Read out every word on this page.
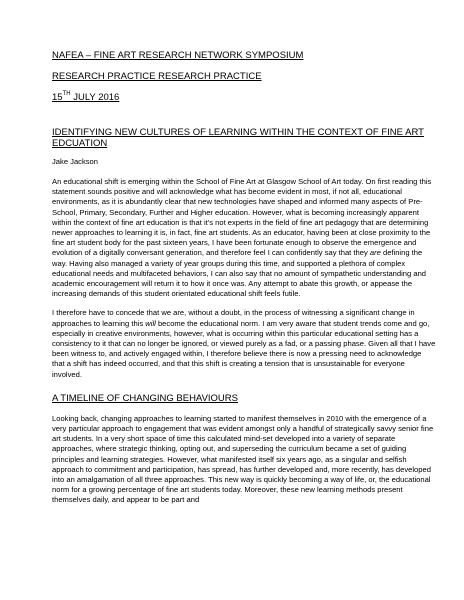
NAFEA – FINE ART RESEARCH NETWORK SYMPOSIUM

RESEARCH PRACTICE RESEARCH PRACTICE

15TH JULY 2016

IDENTIFYING NEW CULTURES OF LEARNING WITHIN THE CONTEXT OF FINE ART EDCUATION

Jake Jackson

An educational shift is emerging within the School of Fine Art at Glasgow School of Art today. On first reading this statement sounds positive and will acknowledge what has become evident in most, if not all, educational environments, as it is abundantly clear that new technologies have shaped and informed many aspects of Pre-School, Primary, Secondary, Further and Higher education. However, what is becoming increasingly apparent within the context of fine art education is that it's not experts in the field of fine art pedagogy that are determining newer approaches to learning it is, in fact, fine art students. As an educator, having been at close proximity to the fine art student body for the past sixteen years, I have been fortunate enough to observe the emergence and evolution of a digitally conversant generation, and therefore feel I can confidently say that they are defining the way. Having also managed a variety of year groups during this time, and supported a plethora of complex educational needs and multifaceted behaviors, I can also say that no amount of sympathetic understanding and academic encouragement will return it to how it once was. Any attempt to abate this growth, or appease the increasing demands of this student orientated educational shift feels futile.

I therefore have to concede that we are, without a doubt, in the process of witnessing a significant change in approaches to learning this will become the educational norm. I am very aware that student trends come and go, especially in creative environments, however, what is occurring within this particular educational setting has a consistency to it that can no longer be ignored, or viewed purely as a fad, or a passing phase. Given all that I have been witness to, and actively engaged within, I therefore believe there is now a pressing need to acknowledge that a shift has indeed occurred, and that this shift is creating a tension that is unsustainable for everyone involved.

A TIMELINE OF CHANGING BEHAVIOURS

Looking back, changing approaches to learning started to manifest themselves in 2010 with the emergence of a very particular approach to engagement that was evident amongst only a handful of strategically savvy senior fine art students. In a very short space of time this calculated mind-set developed into a variety of separate approaches, where strategic thinking, opting out, and superseding the curriculum became a set of guiding principles and learning strategies. However, what manifested itself six years ago, as a singular and selfish approach to commitment and participation, has spread, has further developed and, more recently, has developed into an amalgamation of all three approaches. This new way is quickly becoming a way of life, or, the educational norm for a growing percentage of fine art students today. Moreover, these new learning methods present themselves daily, and appear to be part and
